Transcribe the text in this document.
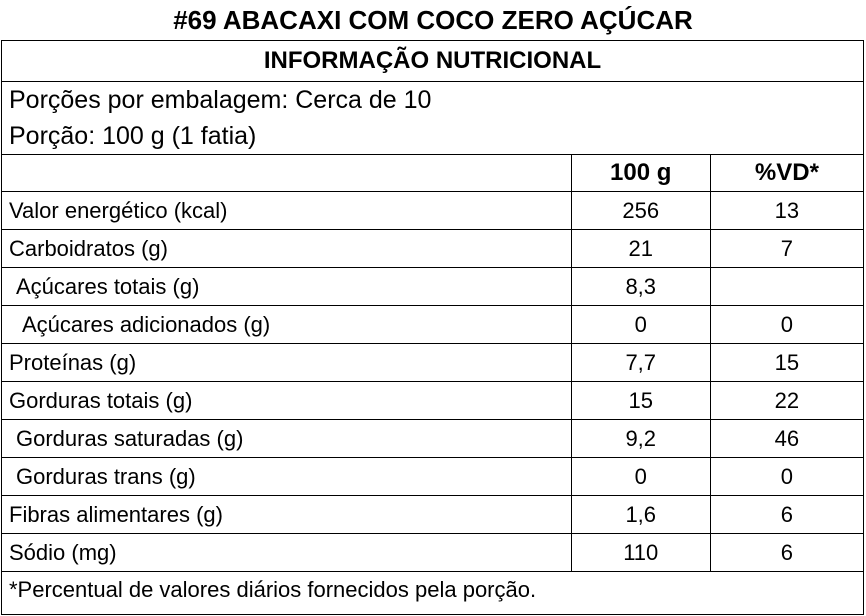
#69 ABACAXI COM COCO ZERO AÇÚCAR
INFORMAÇÃO NUTRICIONAL
Porções por embalagem: Cerca de 10
Porção: 100 g (1 fatia)
	100 g	%VD*
Valor energético (kcal)	256	13
Carboidratos (g)	21	7
Açúcares totais (g)	8,3	
Açúcares adicionados (g)	0	0
Proteínas (g)	7,7	15
Gorduras totais (g)	15	22
Gorduras saturadas (g)	9,2	46
Gorduras trans (g)	0	0
Fibras alimentares (g)	1,6	6
Sódio (mg)	110	6
*Percentual de valores diários fornecidos pela porção.
